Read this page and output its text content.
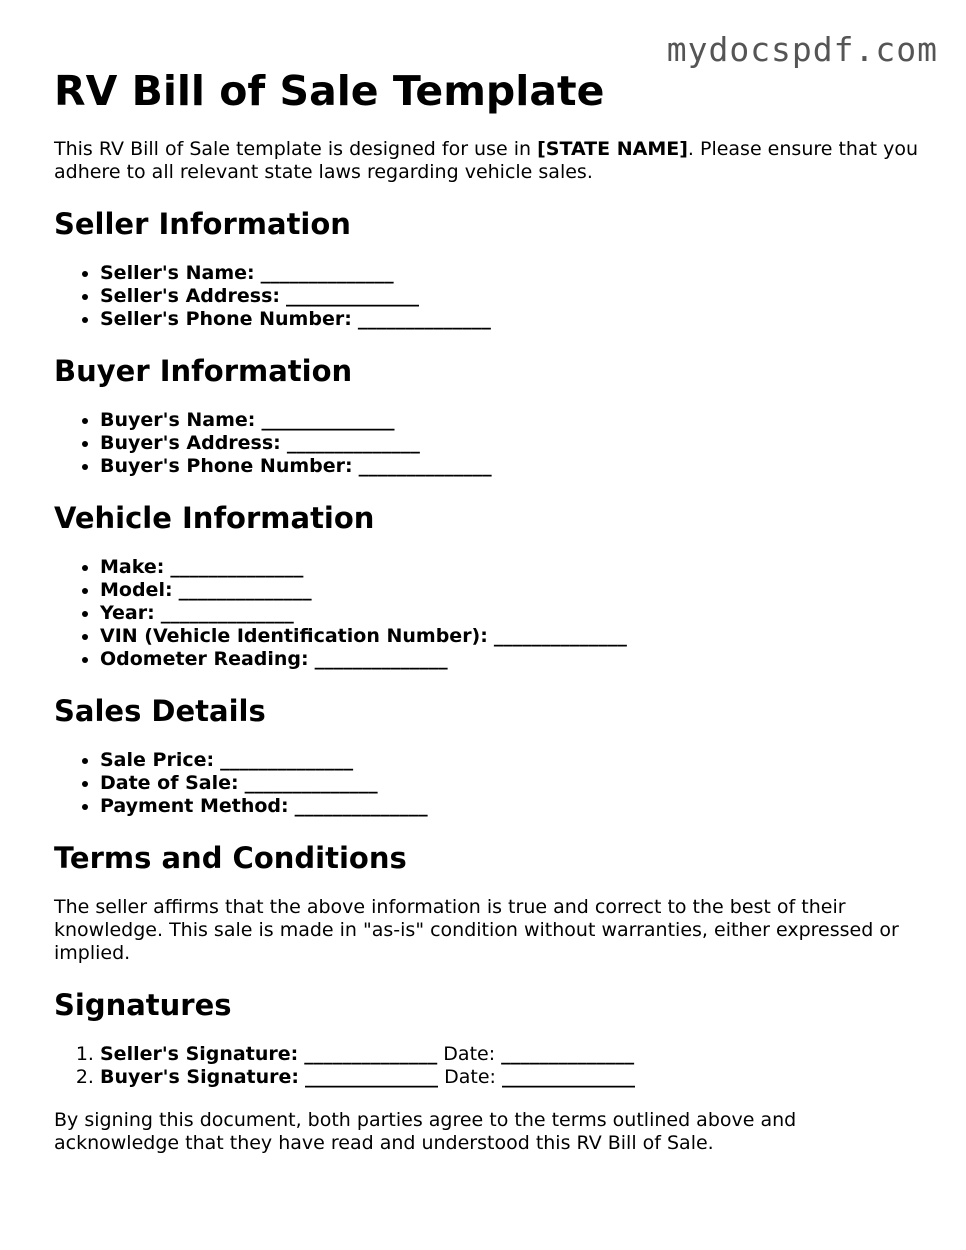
mydocspdf.com
RV Bill of Sale Template

This RV Bill of Sale template is designed for use in [STATE NAME]. Please ensure that you adhere to all relevant state laws regarding vehicle sales.

Seller Information
• Seller's Name: ______________
• Seller's Address: ______________
• Seller's Phone Number: ______________
Buyer Information
• Buyer's Name: ______________
• Buyer's Address: ______________
• Buyer's Phone Number: ______________
Vehicle Information
• Make: ______________
• Model: ______________
• Year: ______________
• VIN (Vehicle Identification Number): ______________
• Odometer Reading: ______________
Sales Details
• Sale Price: ______________
• Date of Sale: ______________
• Payment Method: ______________
Terms and Conditions

The seller affirms that the above information is true and correct to the best of their knowledge. This sale is made in "as-is" condition without warranties, either expressed or implied.

Signatures
1. Seller's Signature: ______________ Date: ______________
2. Buyer's Signature: ______________ Date: ______________

By signing this document, both parties agree to the terms outlined above and acknowledge that they have read and understood this RV Bill of Sale.
